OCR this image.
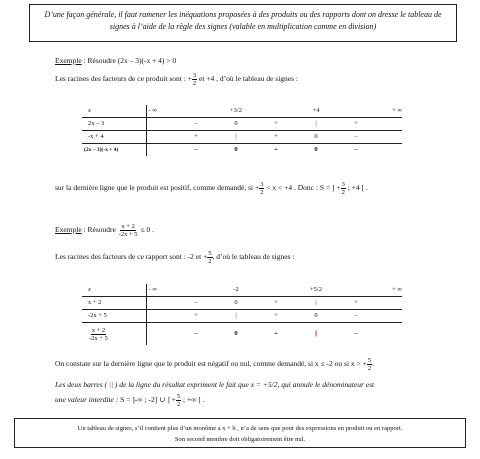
D’une façon générale, il faut ramener les inéquations proposées à des produits ou des rapports dont on dresse le tableau de
signes à l’aide de la règle des signes (valable en multiplication comme en division)
Exemple : Résoudre (2x – 3)(-x + 4) > 0
Les racines des facteurs de ce produit sont : + $\frac{3}{2}$ et +4 , d’où le tableau de signes :
x	- ∞		+3/2		+4		+ ∞
2x – 3		–	0	+	|	+	
-x + 4		+	|	+	0	–	
(2x – 3)(-x + 4)		–	0	+	0	–	
sur la dernière ligne que le produit est positif, comme demandé, si + $\frac{3}{2} < x < +4$ . Donc : S = ] + $\frac{3}{2}$ ; +4 [ .
Exemple : Résoudre $\frac{x + 2}{-2x + 5} \le 0$ .
Les racines des facteurs de ce rapport sont : -2 et + $\frac{5}{2}$ , d’où le tableau de signes :
x	- ∞		-2		+5/2		+ ∞
x + 2		–	0	+	|	+	
-2x + 5		+	|	+	0	–	

$\frac{x + 2}{-2x + 5}$		–	0	+	||	–	
On constate sur la dernière ligne que le produit est négatif ou nul, comme demandé, si x ≤ -2 ou si x > + $\frac{5}{2}$ .
Les deux barres ( || ) de la ligne du résultat expriment le fait que x = +5/2, qui annule le dénominateur est
une valeur interdite : S = ]-∞ ; -2] ∪ ] + $\frac{5}{2}$ ; +∞ [ .
Un tableau de signes, s’il contient plus d’un monôme a x + b , n’a de sens que pour des expressions en produit ou en rapport.
Son second membre doit obligatoirement être nul.
